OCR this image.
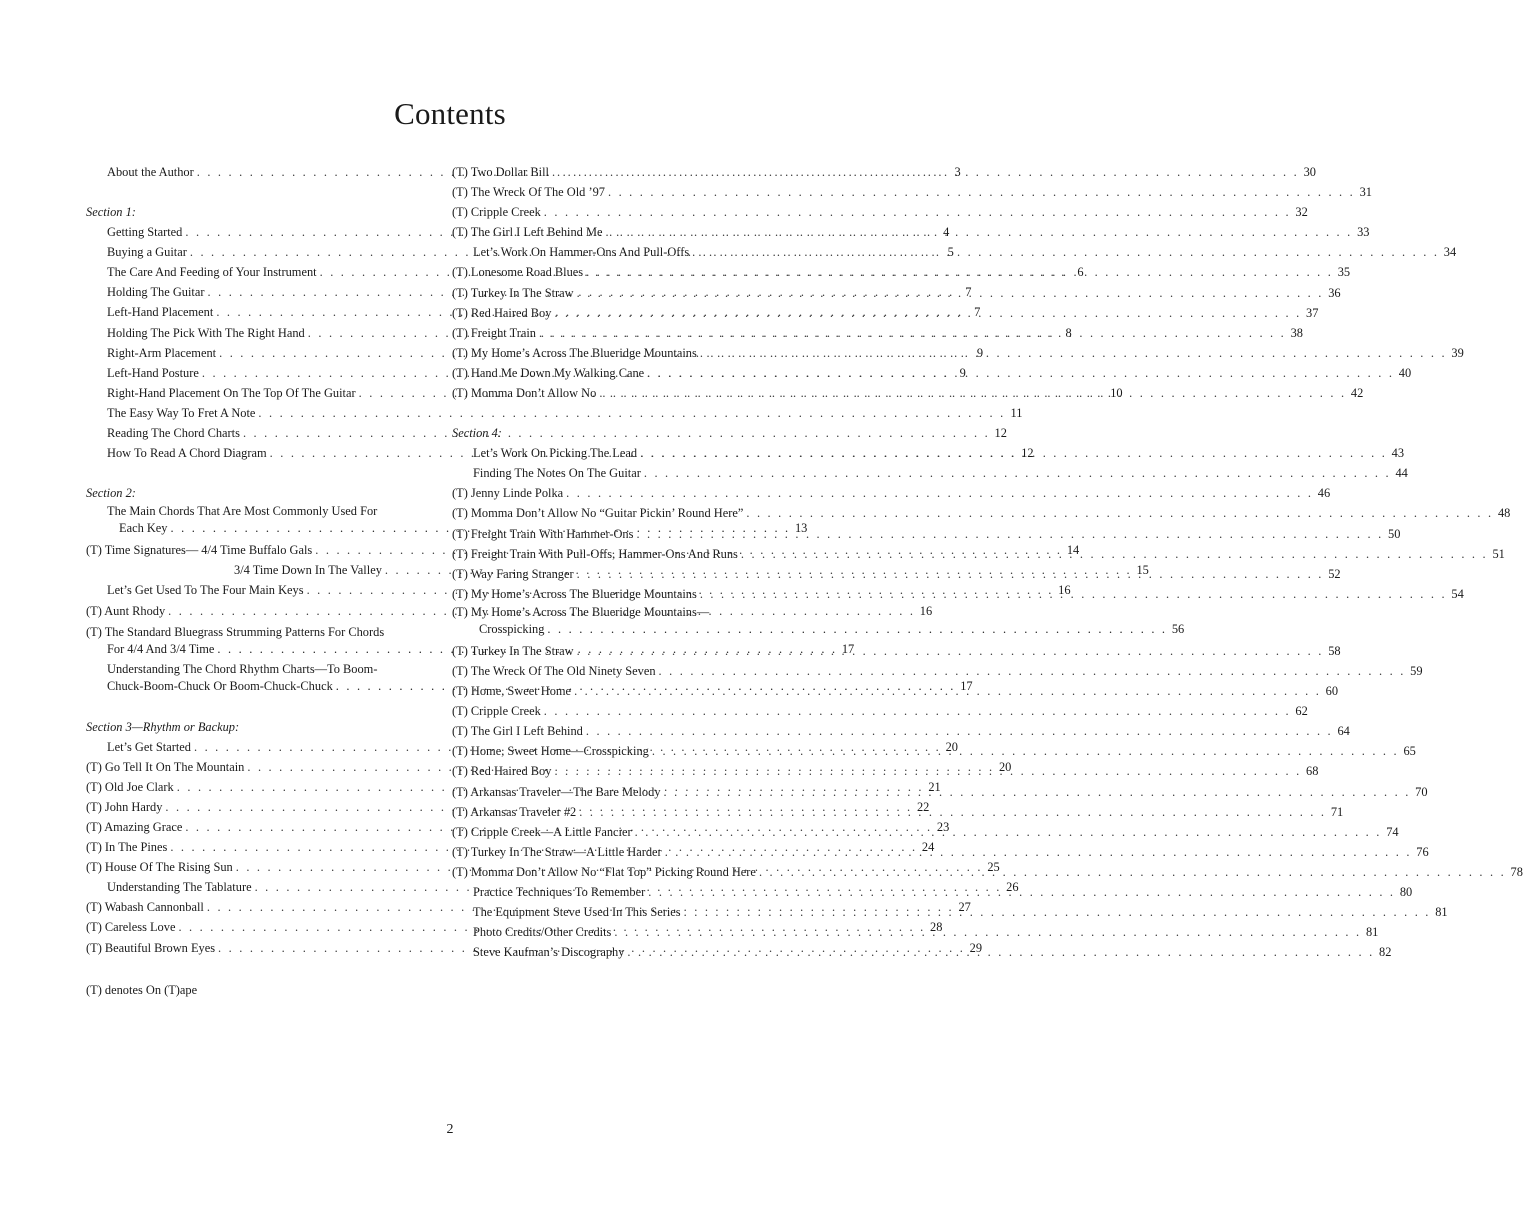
Contents
About the Author . . .	3
Section 1:
Getting Started . . .	4
Buying a Guitar . . .	5
The Care And Feeding of Your Instrument . . .	6
Holding The Guitar . . .	7
Left-Hand Placement . . .	7
Holding The Pick With The Right Hand . . .	8
Right-Arm Placement . . .	9
Left-Hand Posture . . .	9
Right-Hand Placement On The Top Of The Guitar . . .	10
The Easy Way To Fret A Note . . .	11
Reading The Chord Charts . . .	12
How To Read A Chord Diagram . . .	12
Section 2:
The Main Chords That Are Most Commonly Used For
Each Key . . .	13
(T) Time Signatures— 4/4 Time Buffalo Gals . . .	14
3/4 Time Down In The Valley . . .	15
Let’s Get Used To The Four Main Keys . . .	16
(T) Aunt Rhody . . .	16
(T) The Standard Bluegrass Strumming Patterns For Chords
For 4/4 And 3/4 Time . . .	17
Understanding The Chord Rhythm Charts—To Boom-
Chuck-Boom-Chuck Or Boom-Chuck-Chuck . . .	17
Section 3—Rhythm or Backup:
Let’s Get Started . . .	20
(T) Go Tell It On The Mountain . . .	20
(T) Old Joe Clark . . .	21
(T) John Hardy . . .	22
(T) Amazing Grace . . .	23
(T) In The Pines . . .	24
(T) House Of The Rising Sun . . .	25
Understanding The Tablature . . .	26
(T) Wabash Cannonball . . .	27
(T) Careless Love . . .	28
(T) Beautiful Brown Eyes . . .	29
(T) Two Dollar Bill . . .	30
(T) The Wreck Of The Old ’97 . . .	31
(T) Cripple Creek . . .	32
(T) The Girl I Left Behind Me . . .	33
Let’s Work On Hammer-Ons And Pull-Offs . . .	34
(T) Lonesome Road Blues . . .	35
(T) Turkey In The Straw . . .	36
(T) Red Haired Boy . . .	37
(T) Freight Train . . .	38
(T) My Home’s Across The Blueridge Mountains . . .	39
(T) Hand Me Down My Walking Cane . . .	40
(T) Momma Don’t Allow No . . .	42
Section 4:
Let’s Work On Picking The Lead . . .	43
Finding The Notes On The Guitar . . .	44
(T) Jenny Linde Polka . . .	46
(T) Momma Don’t Allow No “Guitar Pickin’ Round Here” . . .	48
(T) Freight Train With Hammer-Ons . . .	50
(T) Freight Train With Pull-Offs, Hammer-Ons And Runs . . .	51
(T) Way Faring Stranger . . .	52
(T) My Home’s Across The Blueridge Mountains . . .	54
(T) My Home’s Across The Blueridge Mountains—
Crosspicking . . .	56
(T) Turkey In The Straw . . .	58
(T) The Wreck Of The Old Ninety Seven . . .	59
(T) Home, Sweet Home . . .	60
(T) Cripple Creek . . .	62
(T) The Girl I Left Behind . . .	64
(T) Home, Sweet Home—Crosspicking . . .	65
(T) Red Haired Boy . . .	68
(T) Arkansas Traveler—The Bare Melody . . .	70
(T) Arkansas Traveler #2 . . .	71
(T) Cripple Creek—A Little Fancier . . .	74
(T) Turkey In The Straw—A Little Harder . . .	76
(T) Momma Don’t Allow No “Flat Top” Picking Round Here . . .	78
Practice Techniques To Remember . . .	80
The Equipment Steve Used In This Series . . .	81
Photo Credits/Other Credits . . .	81
Steve Kaufman’s Discography . . .	82
(T) denotes On (T)ape
2
